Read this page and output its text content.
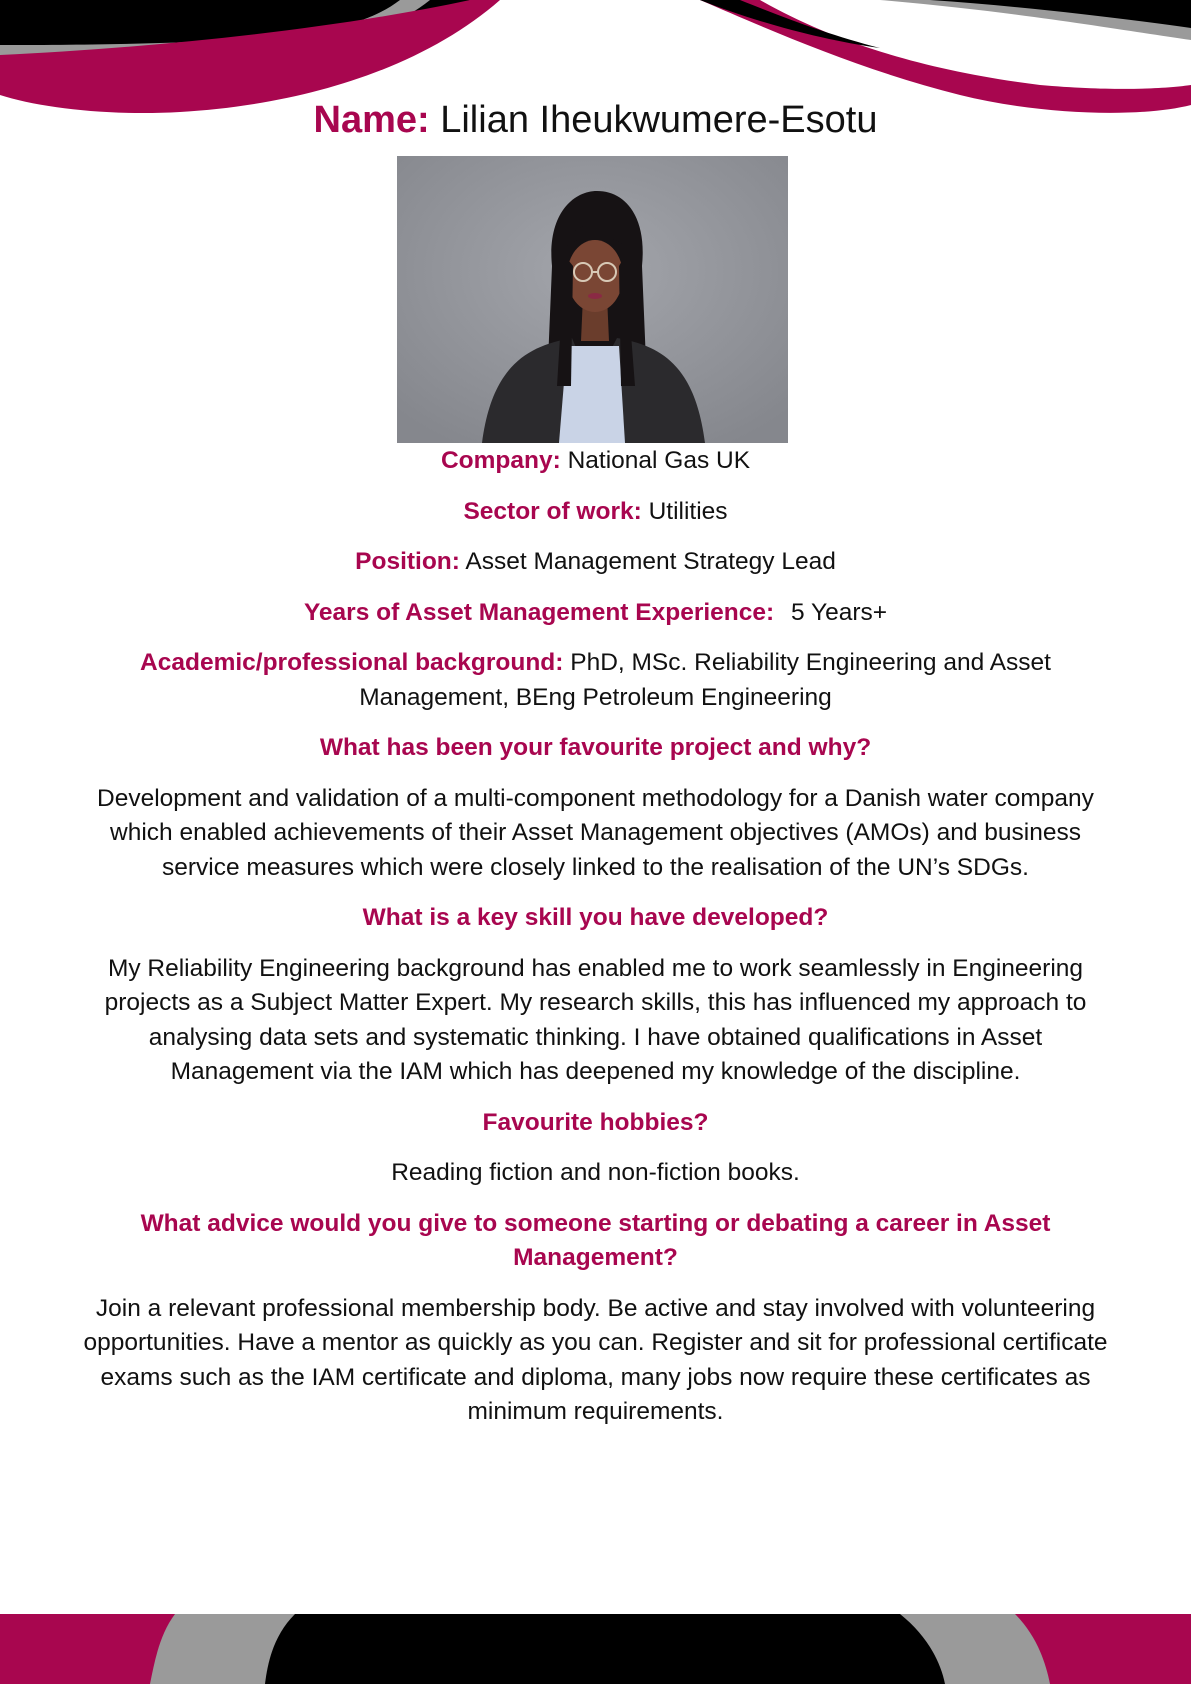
Name: Lilian Iheukwumere-Esotu
Company: National Gas UK
Sector of work: Utilities
Position: Asset Management Strategy Lead
Years of Asset Management Experience: 5 Years+
Academic/professional background: PhD, MSc. Reliability Engineering and Asset
Management, BEng Petroleum Engineering
What has been your favourite project and why?
Development and validation of a multi-component methodology for a Danish water company which enabled achievements of their Asset Management objectives (AMOs) and business service measures which were closely linked to the realisation of the UN’s SDGs.
What is a key skill you have developed?
My Reliability Engineering background has enabled me to work seamlessly in Engineering projects as a Subject Matter Expert. My research skills, this has influenced my approach to analysing data sets and systematic thinking. I have obtained qualifications in Asset Management via the IAM which has deepened my knowledge of the discipline.
Favourite hobbies?
Reading fiction and non-fiction books.
What advice would you give to someone starting or debating a career in Asset Management?
Join a relevant professional membership body. Be active and stay involved with volunteering opportunities. Have a mentor as quickly as you can. Register and sit for professional certificate exams such as the IAM certificate and diploma, many jobs now require these certificates as minimum requirements.
